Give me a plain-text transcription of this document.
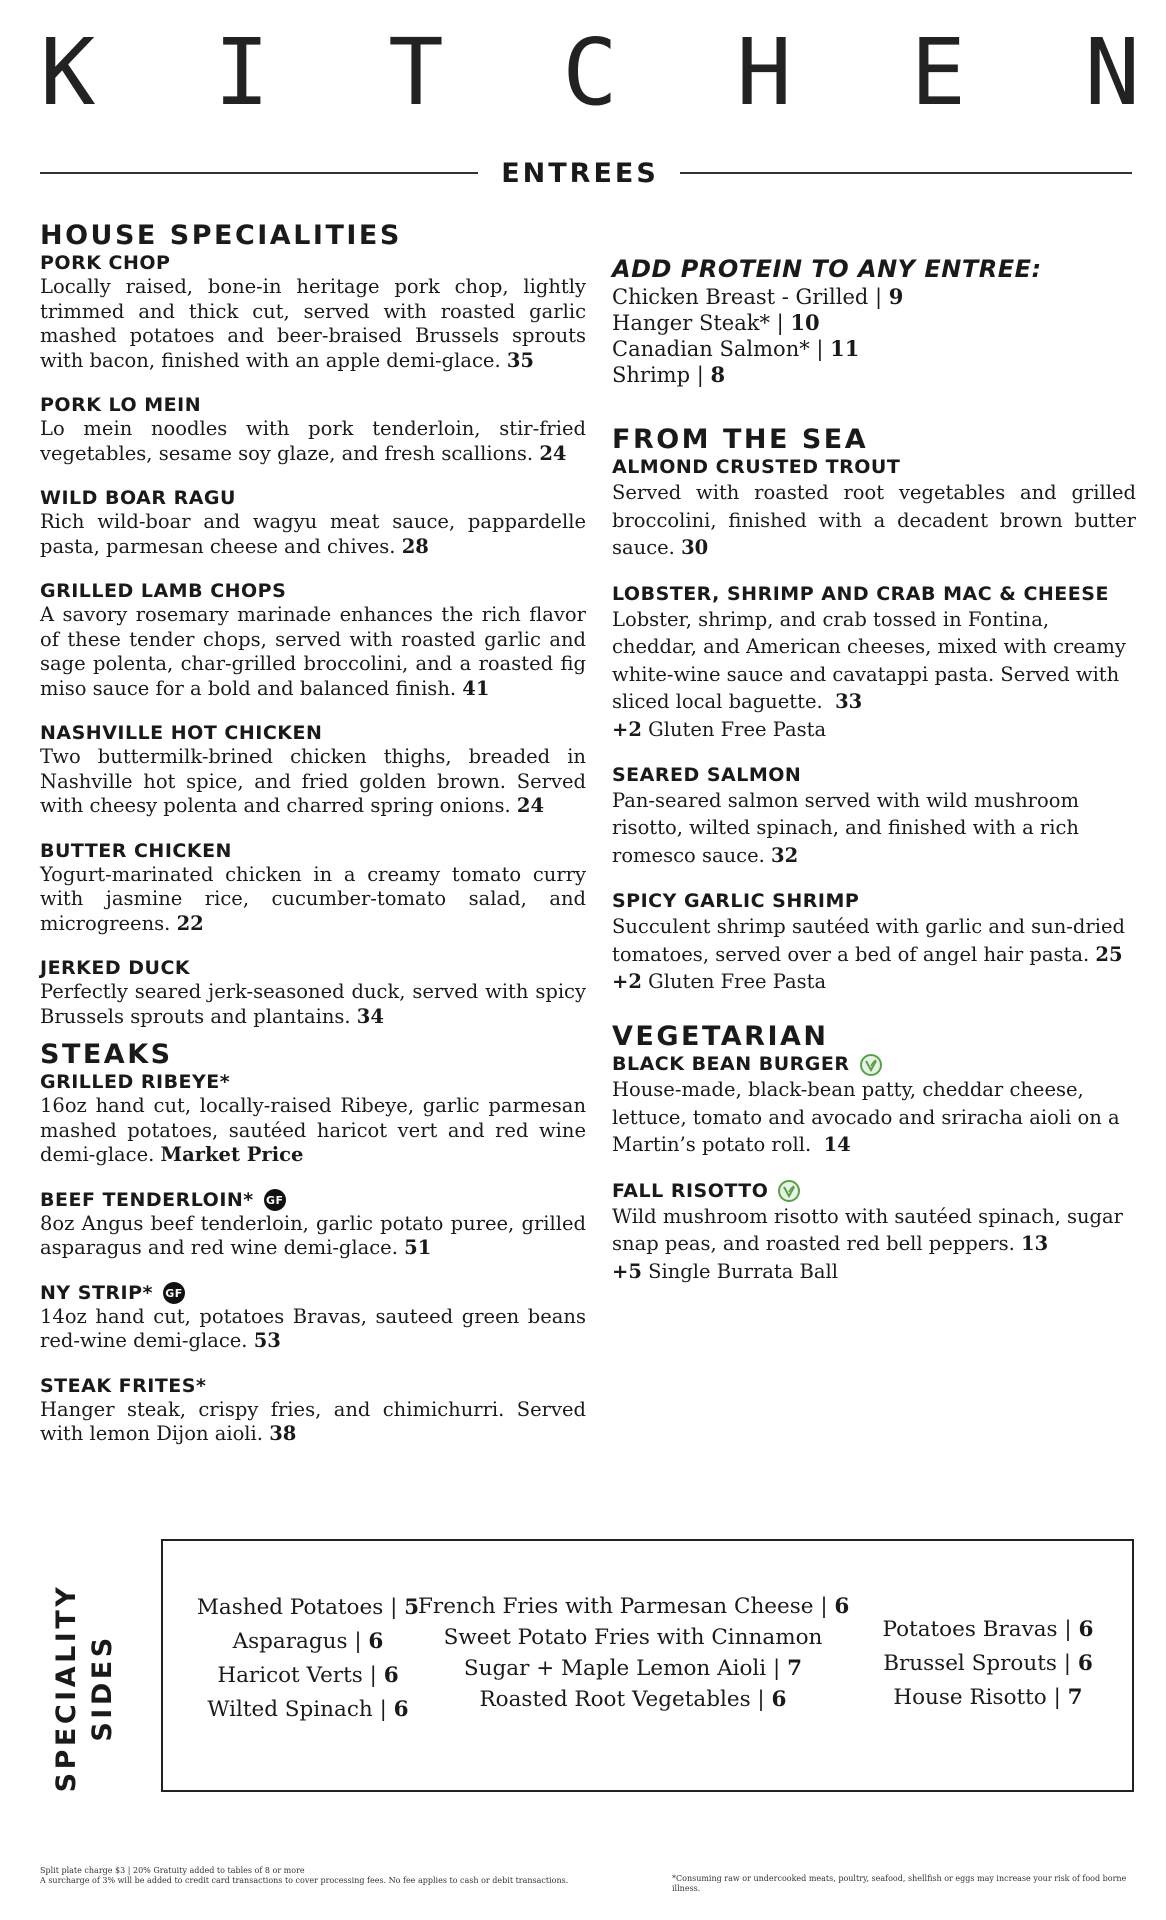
K I T C H E N
ENTREES
HOUSE SPECIALITIES
PORK CHOP
Locally raised, bone-in heritage pork chop, lightly trimmed and thick cut, served with roasted garlic mashed potatoes and beer-braised Brussels sprouts with bacon, finished with an apple demi-glace. 35
PORK LO MEIN
Lo mein noodles with pork tenderloin, stir-fried vegetables, sesame soy glaze, and fresh scallions. 24
WILD BOAR RAGU
Rich wild-boar and wagyu meat sauce, pappardelle pasta, parmesan cheese and chives. 28
GRILLED LAMB CHOPS
A savory rosemary marinade enhances the rich flavor of these tender chops, served with roasted garlic and sage polenta, char-grilled broccolini, and a roasted fig miso sauce for a bold and balanced finish. 41
NASHVILLE HOT CHICKEN
Two buttermilk-brined chicken thighs, breaded in Nashville hot spice, and fried golden brown. Served with cheesy polenta and charred spring onions. 24
BUTTER CHICKEN
Yogurt-marinated chicken in a creamy tomato curry with jasmine rice, cucumber-tomato salad, and microgreens. 22
JERKED DUCK
Perfectly seared jerk-seasoned duck, served with spicy Brussels sprouts and plantains. 34
STEAKS
GRILLED RIBEYE*
16oz hand cut, locally-raised Ribeye, garlic parmesan mashed potatoes, sautéed haricot vert and red wine demi-glace. Market Price
BEEF TENDERLOIN* GF
8oz Angus beef tenderloin, garlic potato puree, grilled asparagus and red wine demi-glace. 51
NY STRIP* GF
14oz hand cut, potatoes Bravas, sauteed green beans red-wine demi-glace. 53
STEAK FRITES*
Hanger steak, crispy fries, and chimichurri. Served with lemon Dijon aioli. 38
ADD PROTEIN TO ANY ENTREE:
Chicken Breast - Grilled | 9
Hanger Steak* | 10
Canadian Salmon* | 11
Shrimp | 8
FROM THE SEA
ALMOND CRUSTED TROUT
Served with roasted root vegetables and grilled broccolini, finished with a decadent brown butter sauce. 30
LOBSTER, SHRIMP AND CRAB MAC & CHEESE
Lobster, shrimp, and crab tossed in Fontina, cheddar, and American cheeses, mixed with creamy white-wine sauce and cavatappi pasta. Served with sliced local baguette. 33
+2 Gluten Free Pasta
SEARED SALMON
Pan-seared salmon served with wild mushroom risotto, wilted spinach, and finished with a rich romesco sauce. 32
SPICY GARLIC SHRIMP
Succulent shrimp sautéed with garlic and sun-dried tomatoes, served over a bed of angel hair pasta. 25
+2 Gluten Free Pasta
VEGETARIAN
BLACK BEAN BURGER
House-made, black-bean patty, cheddar cheese, lettuce, tomato and avocado and sriracha aioli on a Martin’s potato roll. 14
FALL RISOTTO
Wild mushroom risotto with sautéed spinach, sugar snap peas, and roasted red bell peppers. 13
+5 Single Burrata Ball
SPECIALITY SIDES
Mashed Potatoes | 5
Asparagus | 6
Haricot Verts | 6
Wilted Spinach | 6
French Fries with Parmesan Cheese | 6
Sweet Potato Fries with Cinnamon
Sugar + Maple Lemon Aioli | 7
Roasted Root Vegetables | 6
Potatoes Bravas | 6
Brussel Sprouts | 6
House Risotto | 7
Split plate charge $3 | 20% Gratuity added to tables of 8 or more
A surcharge of 3% will be added to credit card transactions to cover processing fees. No fee applies to cash or debit transactions.	*Consuming raw or undercooked meats, poultry, seafood, shellfish or eggs may increase your risk of food borne illness.
